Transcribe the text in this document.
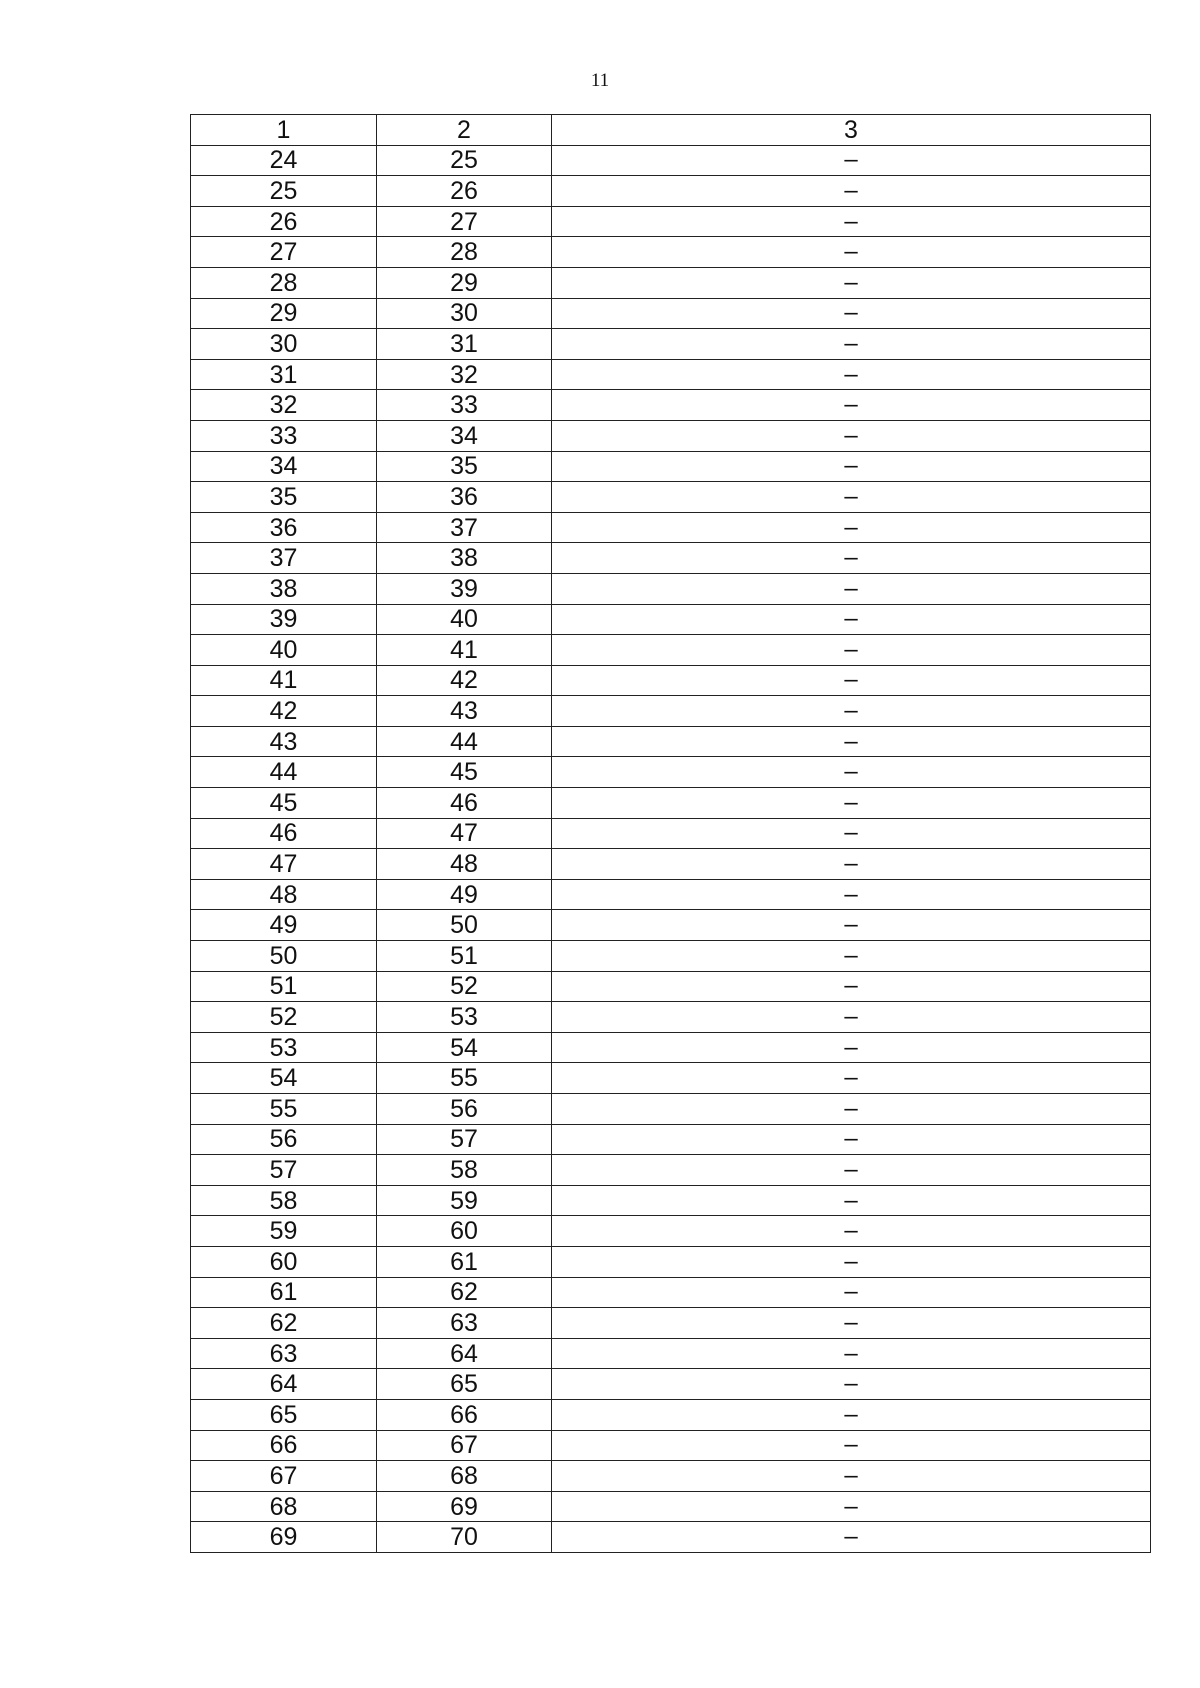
11
1	2	3
24	25	–
25	26	–
26	27	–
27	28	–
28	29	–
29	30	–
30	31	–
31	32	–
32	33	–
33	34	–
34	35	–
35	36	–
36	37	–
37	38	–
38	39	–
39	40	–
40	41	–
41	42	–
42	43	–
43	44	–
44	45	–
45	46	–
46	47	–
47	48	–
48	49	–
49	50	–
50	51	–
51	52	–
52	53	–
53	54	–
54	55	–
55	56	–
56	57	–
57	58	–
58	59	–
59	60	–
60	61	–
61	62	–
62	63	–
63	64	–
64	65	–
65	66	–
66	67	–
67	68	–
68	69	–
69	70	–
